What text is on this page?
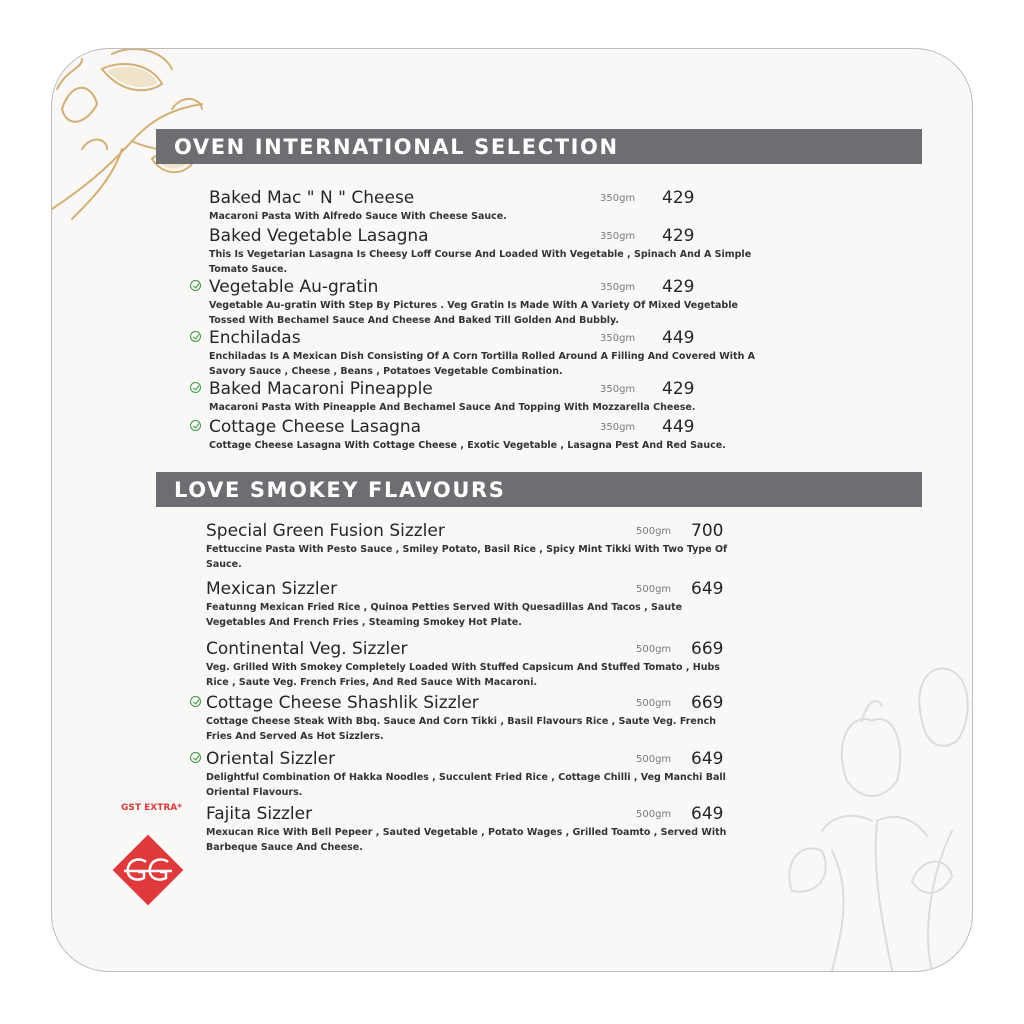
OVEN INTERNATIONAL SELECTION
Baked Mac " N " Cheese	350gm 429
Macaroni Pasta With Alfredo Sauce With Cheese Sauce.
Baked Vegetable Lasagna	350gm 429
This Is Vegetarian Lasagna Is Cheesy Loff Course And Loaded With Vegetable , Spinach And A Simple Tomato Sauce.
Vegetable Au-gratin	350gm 429
Vegetable Au-gratin With Step By Pictures . Veg Gratin Is Made With A Variety Of Mixed Vegetable Tossed With Bechamel Sauce And Cheese And Baked Till Golden And Bubbly.
Enchiladas	350gm 449
Enchiladas Is A Mexican Dish Consisting Of A Corn Tortilla Rolled Around A Filling And Covered With A Savory Sauce , Cheese , Beans , Potatoes Vegetable Combination.
Baked Macaroni Pineapple	350gm 429
Macaroni Pasta With Pineapple And Bechamel Sauce And Topping With Mozzarella Cheese.
Cottage Cheese Lasagna	350gm 449
Cottage Cheese Lasagna With Cottage Cheese , Exotic Vegetable , Lasagna Pest And Red Sauce.
LOVE SMOKEY FLAVOURS
Special Green Fusion Sizzler	500gm 700
Fettuccine Pasta With Pesto Sauce , Smiley Potato, Basil Rice , Spicy Mint Tikki With Two Type Of Sauce.
Mexican Sizzler	500gm 649
Featunng Mexican Fried Rice , Quinoa Petties Served With Quesadillas And Tacos , Saute Vegetables And French Fries , Steaming Smokey Hot Plate.
Continental Veg. Sizzler	500gm 669
Veg. Grilled With Smokey Completely Loaded With Stuffed Capsicum And Stuffed Tomato , Hubs Rice , Saute Veg. French Fries, And Red Sauce With Macaroni.
Cottage Cheese Shashlik Sizzler	500gm 669
Cottage Cheese Steak With Bbq. Sauce And Corn Tikki , Basil Flavours Rice , Saute Veg. French Fries And Served As Hot Sizzlers.
Oriental Sizzler	500gm 649
Delightful Combination Of Hakka Noodles , Succulent Fried Rice , Cottage Chilli , Veg Manchi Ball Oriental Flavours.
Fajita Sizzler	500gm 649
Mexucan Rice With Bell Pepeer , Sauted Vegetable , Potato Wages , Grilled Toamto , Served With Barbeque Sauce And Cheese.
GST EXTRA*
